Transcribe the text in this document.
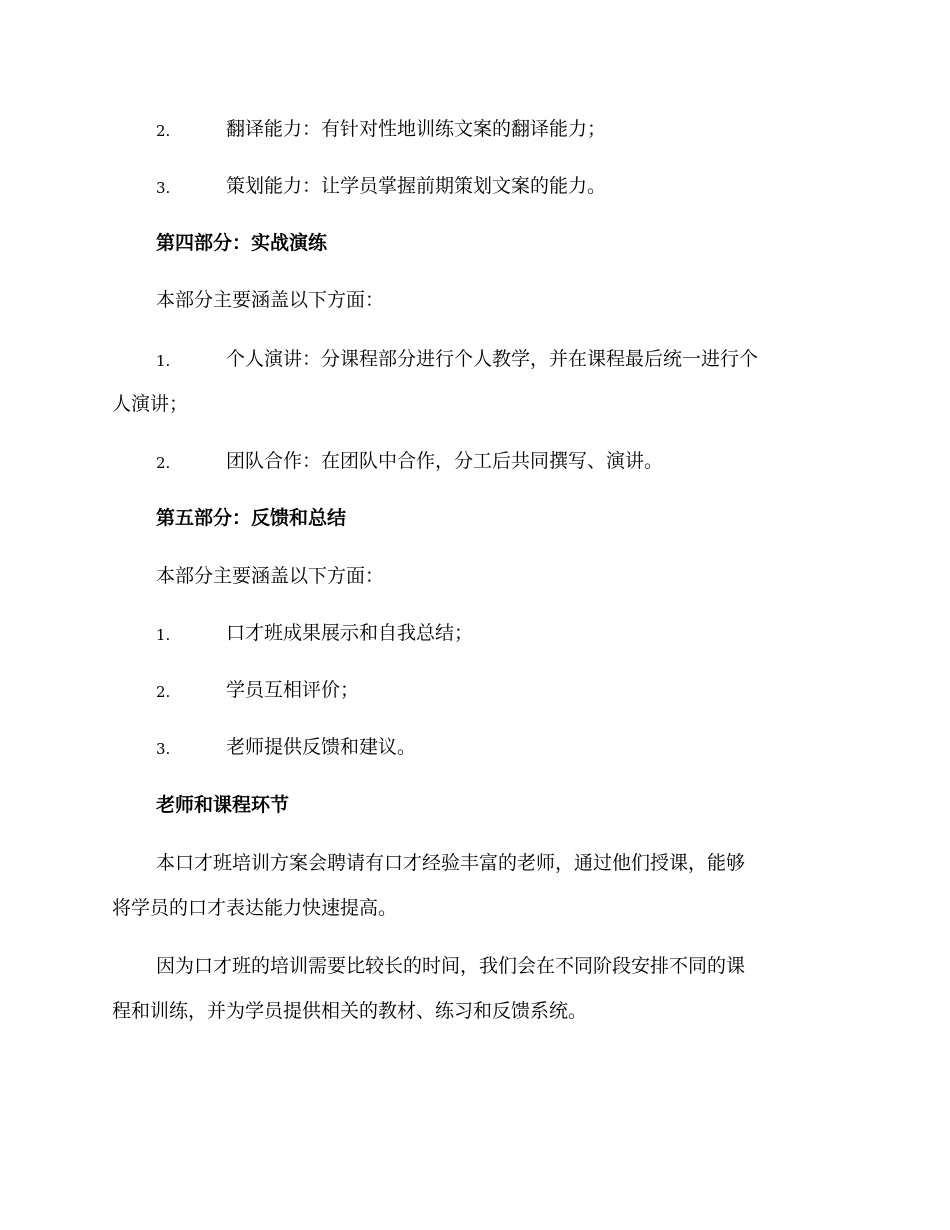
2.	翻译能力：有针对性地训练文案的翻译能力；
3.	策划能力：让学员掌握前期策划文案的能力。
第四部分：实战演练
本部分主要涵盖以下方面：
1.	个人演讲：分课程部分进行个人教学，并在课程最后统一进行个
人演讲；
2.	团队合作：在团队中合作，分工后共同撰写、演讲。
第五部分：反馈和总结
本部分主要涵盖以下方面：
1.	口才班成果展示和自我总结；
2.	学员互相评价；
3.	老师提供反馈和建议。
老师和课程环节
本口才班培训方案会聘请有口才经验丰富的老师，通过他们授课，能够
将学员的口才表达能力快速提高。
因为口才班的培训需要比较长的时间，我们会在不同阶段安排不同的课
程和训练，并为学员提供相关的教材、练习和反馈系统。
